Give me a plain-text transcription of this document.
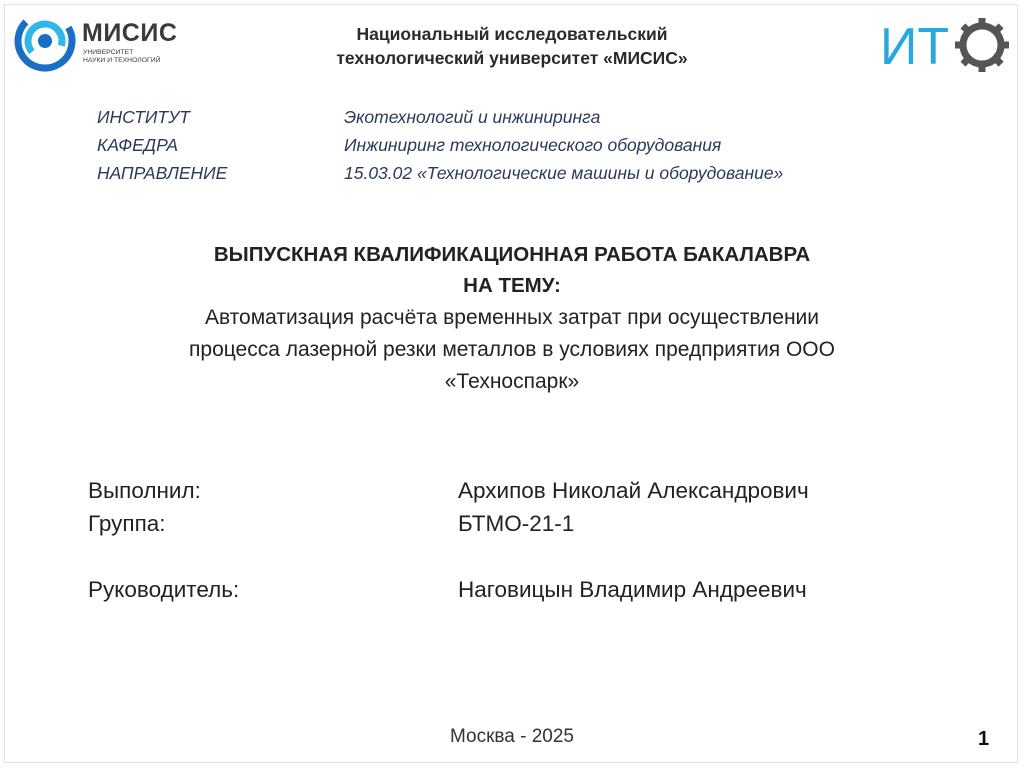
МИСИС
УНИВЕРСИТЕТ
НАУКИ И ТЕХНОЛОГИЙ
Национальный исследовательский
технологический университет «МИСИС»	ИТ
ИНСТИТУТ	Экотехнологий и инжиниринга
КАФЕДРА	Инжиниринг технологического оборудования
НАПРАВЛЕНИЕ	15.03.02 «Технологические машины и оборудование»
ВЫПУСКНАЯ КВАЛИФИКАЦИОННАЯ РАБОТА БАКАЛАВРА
НА ТЕМУ:
Автоматизация расчёта временных затрат при осуществлении
процесса лазерной резки металлов в условиях предприятия ООО
«Техноспарк»
Выполнил:	Архипов Николай Александрович
Группа:	БТМО-21-1
Руководитель:	Наговицын Владимир Андреевич
Москва - 2025	1
